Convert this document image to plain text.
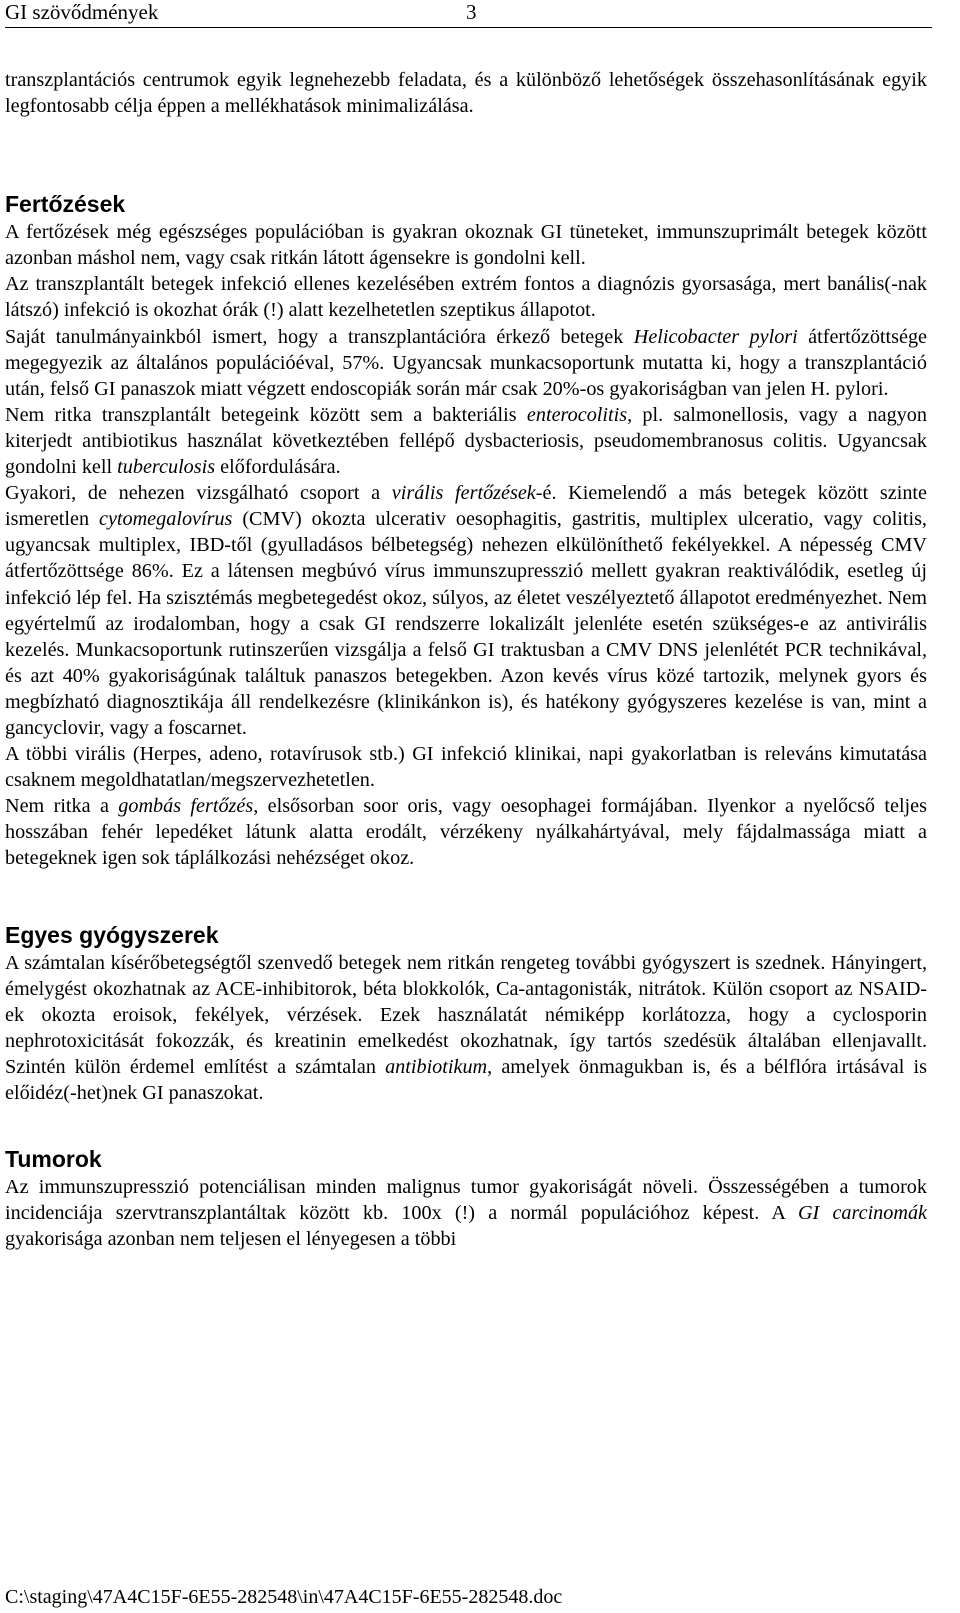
GI szövődmények	3

transzplantációs centrumok egyik legnehezebb feladata, és a különböző lehetőségek összehasonlításának egyik legfontosabb célja éppen a mellékhatások minimalizálása.

Fertőzések

A fertőzések még egészséges populációban is gyakran okoznak GI tüneteket, immunszuprimált betegek között azonban máshol nem, vagy csak ritkán látott ágensekre is gondolni kell.

Az transzplantált betegek infekció ellenes kezelésében extrém fontos a diagnózis gyorsasága, mert banális(-nak látszó) infekció is okozhat órák (!) alatt kezelhetetlen szeptikus állapotot.

Saját tanulmányainkból ismert, hogy a transzplantációra érkező betegek Helicobacter pylori átfertőzöttsége megegyezik az általános populációéval, 57%. Ugyancsak munkacsoportunk mutatta ki, hogy a transzplantáció után, felső GI panaszok miatt végzett endoscopiák során már csak 20%-os gyakoriságban van jelen H. pylori.

Nem ritka transzplantált betegeink között sem a bakteriális enterocolitis, pl. salmonellosis, vagy a nagyon kiterjedt antibiotikus használat következtében fellépő dysbacteriosis, pseudomembranosus colitis. Ugyancsak gondolni kell tuberculosis előfordulására.

Gyakori, de nehezen vizsgálható csoport a virális fertőzések-é. Kiemelendő a más betegek között szinte ismeretlen cytomegalovírus (CMV) okozta ulcerativ oesophagitis, gastritis, multiplex ulceratio, vagy colitis, ugyancsak multiplex, IBD-től (gyulladásos bélbetegség) nehezen elkülöníthető fekélyekkel. A népesség CMV átfertőzöttsége 86%. Ez a látensen megbúvó vírus immunszupresszió mellett gyakran reaktiválódik, esetleg új infekció lép fel. Ha szisztémás megbetegedést okoz, súlyos, az életet veszélyeztető állapotot eredményezhet. Nem egyértelmű az irodalomban, hogy a csak GI rendszerre lokalizált jelenléte esetén szükséges-e az antivirális kezelés. Munkacsoportunk rutinszerűen vizsgálja a felső GI traktusban a CMV DNS jelenlétét PCR technikával, és azt 40% gyakoriságúnak találtuk panaszos betegekben. Azon kevés vírus közé tartozik, melynek gyors és megbízható diagnosztikája áll rendelkezésre (klinikánkon is), és hatékony gyógyszeres kezelése is van, mint a gancyclovir, vagy a foscarnet.

A többi virális (Herpes, adeno, rotavírusok stb.) GI infekció klinikai, napi gyakorlatban is releváns kimutatása csaknem megoldhatatlan/megszervezhetetlen.

Nem ritka a gombás fertőzés, elsősorban soor oris, vagy oesophagei formájában. Ilyenkor a nyelőcső teljes hosszában fehér lepedéket látunk alatta erodált, vérzékeny nyálkahártyával, mely fájdalmassága miatt a betegeknek igen sok táplálkozási nehézséget okoz.

Egyes gyógyszerek

A számtalan kísérőbetegségtől szenvedő betegek nem ritkán rengeteg további gyógyszert is szednek. Hányingert, émelygést okozhatnak az ACE-inhibitorok, béta blokkolók, Ca-antagonisták, nitrátok. Külön csoport az NSAID-ek okozta eroisok, fekélyek, vérzések. Ezek használatát némiképp korlátozza, hogy a cyclosporin nephrotoxicitását fokozzák, és kreatinin emelkedést okozhatnak, így tartós szedésük általában ellenjavallt. Szintén külön érdemel említést a számtalan antibiotikum, amelyek önmagukban is, és a bélflóra irtásával is előidéz(-het)nek GI panaszokat.

Tumorok

Az immunszupresszió potenciálisan minden malignus tumor gyakoriságát növeli. Összességében a tumorok incidenciája szervtranszplantáltak között kb. 100x (!) a normál populációhoz képest. A GI carcinomák gyakorisága azonban nem teljesen el lényegesen a többi

C:\staging\47A4C15F-6E55-282548\in\47A4C15F-6E55-282548.doc
